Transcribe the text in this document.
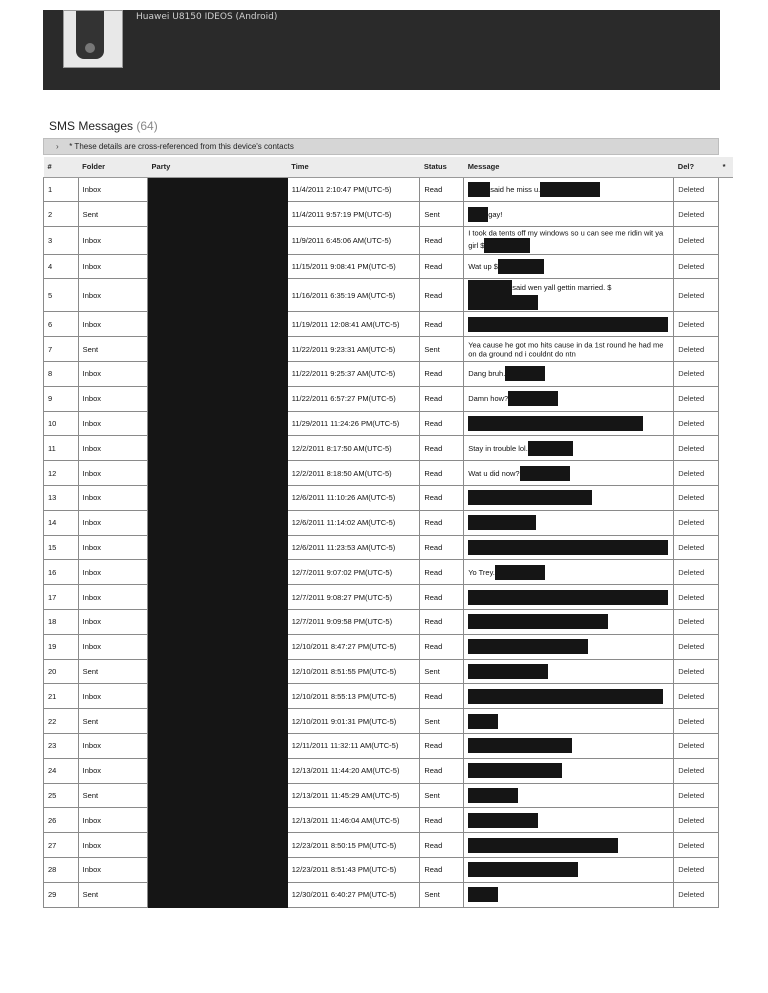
Huawei U8150 IDEOS (Android)
SMS Messages (64)
› * These details are cross-referenced from this device's contacts
#	Folder	Party	Time	Status	Message	Del?	*
1	Inbox		11/4/2011 2:10:47 PM(UTC-5)	Read	said he miss u.	Deleted	
2	Sent		11/4/2011 9:57:19 PM(UTC-5)	Sent	gay!	Deleted	
3	Inbox		11/9/2011 6:45:06 AM(UTC-5)	Read	I took da tents off my windows so u can see me ridin wit ya girl $	Deleted	
4	Inbox		11/15/2011 9:08:41 PM(UTC-5)	Read	Wat up $	Deleted	
5	Inbox		11/16/2011 6:35:19 AM(UTC-5)	Read	said wen yall gettin married. $	Deleted	
6	Inbox		11/19/2011 12:08:41 AM(UTC-5)	Read		Deleted	
7	Sent		11/22/2011 9:23:31 AM(UTC-5)	Sent	Yea cause he got mo hits cause in da 1st round he had me on da ground nd i couldnt do ntn	Deleted	
8	Inbox		11/22/2011 9:25:37 AM(UTC-5)	Read	Dang bruh.	Deleted	
9	Inbox		11/22/2011 6:57:27 PM(UTC-5)	Read	Damn how?	Deleted	
10	Inbox		11/29/2011 11:24:26 PM(UTC-5)	Read		Deleted	
11	Inbox		12/2/2011 8:17:50 AM(UTC-5)	Read	Stay in trouble lol.	Deleted	
12	Inbox		12/2/2011 8:18:50 AM(UTC-5)	Read	Wat u did now?	Deleted	
13	Inbox		12/6/2011 11:10:26 AM(UTC-5)	Read		Deleted	
14	Inbox		12/6/2011 11:14:02 AM(UTC-5)	Read		Deleted	
15	Inbox		12/6/2011 11:23:53 AM(UTC-5)	Read		Deleted	
16	Inbox		12/7/2011 9:07:02 PM(UTC-5)	Read	Yo Trey.	Deleted	
17	Inbox		12/7/2011 9:08:27 PM(UTC-5)	Read		Deleted	
18	Inbox		12/7/2011 9:09:58 PM(UTC-5)	Read		Deleted	
19	Inbox		12/10/2011 8:47:27 PM(UTC-5)	Read		Deleted	
20	Sent		12/10/2011 8:51:55 PM(UTC-5)	Sent		Deleted	
21	Inbox		12/10/2011 8:55:13 PM(UTC-5)	Read		Deleted	
22	Sent		12/10/2011 9:01:31 PM(UTC-5)	Sent		Deleted	
23	Inbox		12/11/2011 11:32:11 AM(UTC-5)	Read		Deleted	
24	Inbox		12/13/2011 11:44:20 AM(UTC-5)	Read		Deleted	
25	Sent		12/13/2011 11:45:29 AM(UTC-5)	Sent		Deleted	
26	Inbox		12/13/2011 11:46:04 AM(UTC-5)	Read		Deleted	
27	Inbox		12/23/2011 8:50:15 PM(UTC-5)	Read		Deleted	
28	Inbox		12/23/2011 8:51:43 PM(UTC-5)	Read		Deleted	
29	Sent		12/30/2011 6:40:27 PM(UTC-5)	Sent		Deleted	
